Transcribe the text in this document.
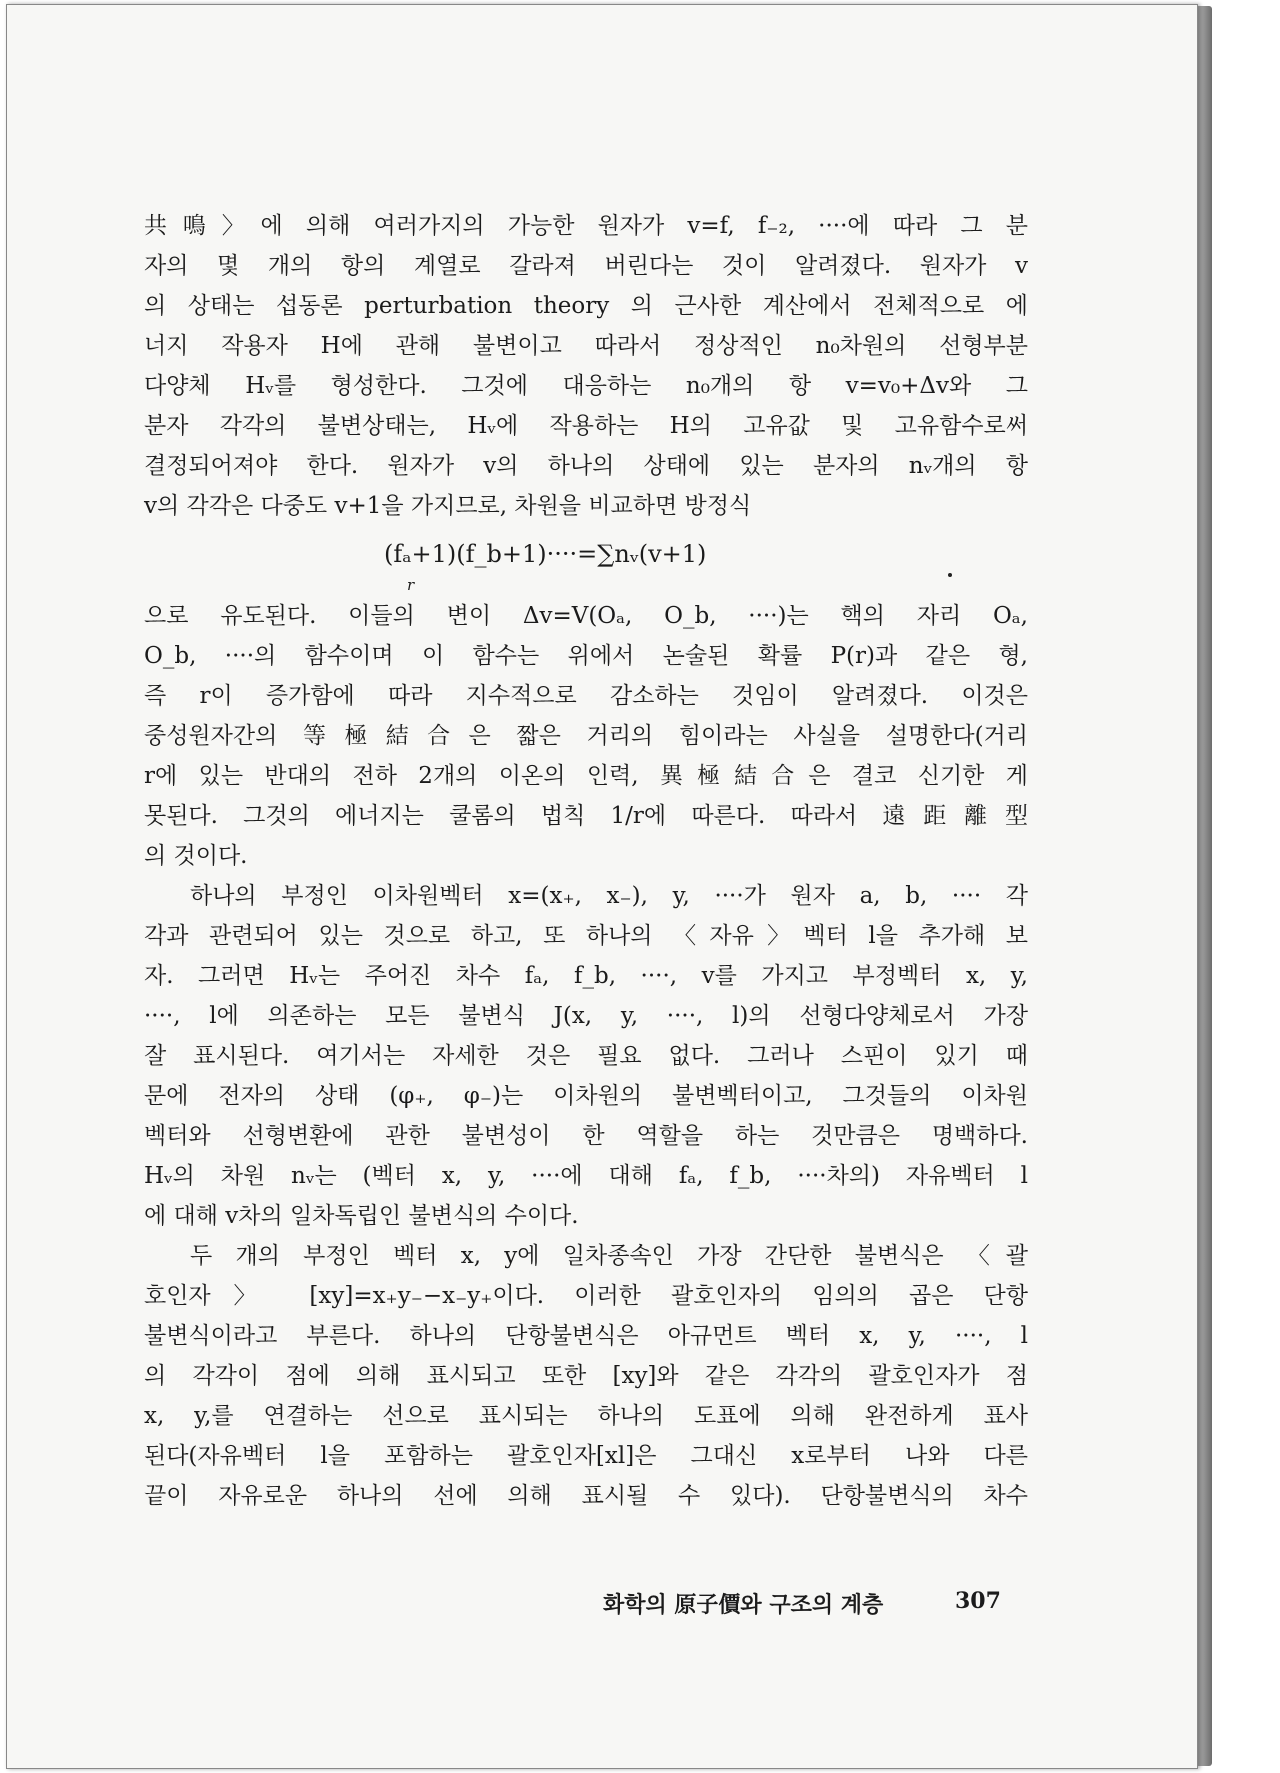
共鳴〉에 의해 여러가지의 가능한 원자가 v=f, f₋₂, ····에 따라 그 분
자의 몇 개의 항의 계열로 갈라져 버린다는 것이 알려졌다. 원자가 v
의 상태는 섭동론 perturbation theory 의 근사한 계산에서 전체적으로 에
너지 작용자 H에 관해 불변이고 따라서 정상적인 n₀차원의 선형부분
다양체 Hᵥ를 형성한다. 그것에 대응하는 n₀개의 항 v=v₀+Δv와 그
분자 각각의 불변상태는, Hᵥ에 작용하는 H의 고유값 및 고유함수로써
결정되어져야 한다. 원자가 v의 하나의 상태에 있는 분자의 nᵥ개의 항
v의 각각은 다중도 v+1을 가지므로, 차원을 비교하면 방정식
(fₐ+1)(f_b+1)····=∑nᵥ(v+1)
r
으로 유도된다. 이들의 변이 Δv=V(Oₐ, O_b, ····)는 핵의 자리 Oₐ,
O_b, ····의 함수이며 이 함수는 위에서 논술된 확률 P(r)과 같은 형,
즉 r이 증가함에 따라 지수적으로 감소하는 것임이 알려졌다. 이것은
중성원자간의 等極結合은 짧은 거리의 힘이라는 사실을 설명한다(거리
r에 있는 반대의 전하 2개의 이온의 인력, 異極結合은 결코 신기한 게
못된다. 그것의 에너지는 쿨롬의 법칙 1/r에 따른다. 따라서 遠距離型
의 것이다.
하나의 부정인 이차원벡터 x=(x₊, x₋), y, ····가 원자 a, b, ···· 각
각과 관련되어 있는 것으로 하고, 또 하나의 〈자유〉벡터 l을 추가해 보
자. 그러면 Hᵥ는 주어진 차수 fₐ, f_b, ····, v를 가지고 부정벡터 x, y,
····, l에 의존하는 모든 불변식 J(x, y, ····, l)의 선형다양체로서 가장
잘 표시된다. 여기서는 자세한 것은 필요 없다. 그러나 스핀이 있기 때
문에 전자의 상태 (φ₊, φ₋)는 이차원의 불변벡터이고, 그것들의 이차원
벡터와 선형변환에 관한 불변성이 한 역할을 하는 것만큼은 명백하다.
Hᵥ의 차원 nᵥ는 (벡터 x, y, ····에 대해 fₐ, f_b, ····차의) 자유벡터 l
에 대해 v차의 일차독립인 불변식의 수이다.
두 개의 부정인 벡터 x, y에 일차종속인 가장 간단한 불변식은 〈괄
호인자〉 [xy]=x₊y₋−x₋y₊이다. 이러한 괄호인자의 임의의 곱은 단항
불변식이라고 부른다. 하나의 단항불변식은 아규먼트 벡터 x, y, ····, l
의 각각이 점에 의해 표시되고 또한 [xy]와 같은 각각의 괄호인자가 점
x, y,를 연결하는 선으로 표시되는 하나의 도표에 의해 완전하게 표사
된다(자유벡터 l을 포함하는 괄호인자[xl]은 그대신 x로부터 나와 다른
끝이 자유로운 하나의 선에 의해 표시될 수 있다). 단항불변식의 차수
화학의 原子價와 구조의 계층	307
